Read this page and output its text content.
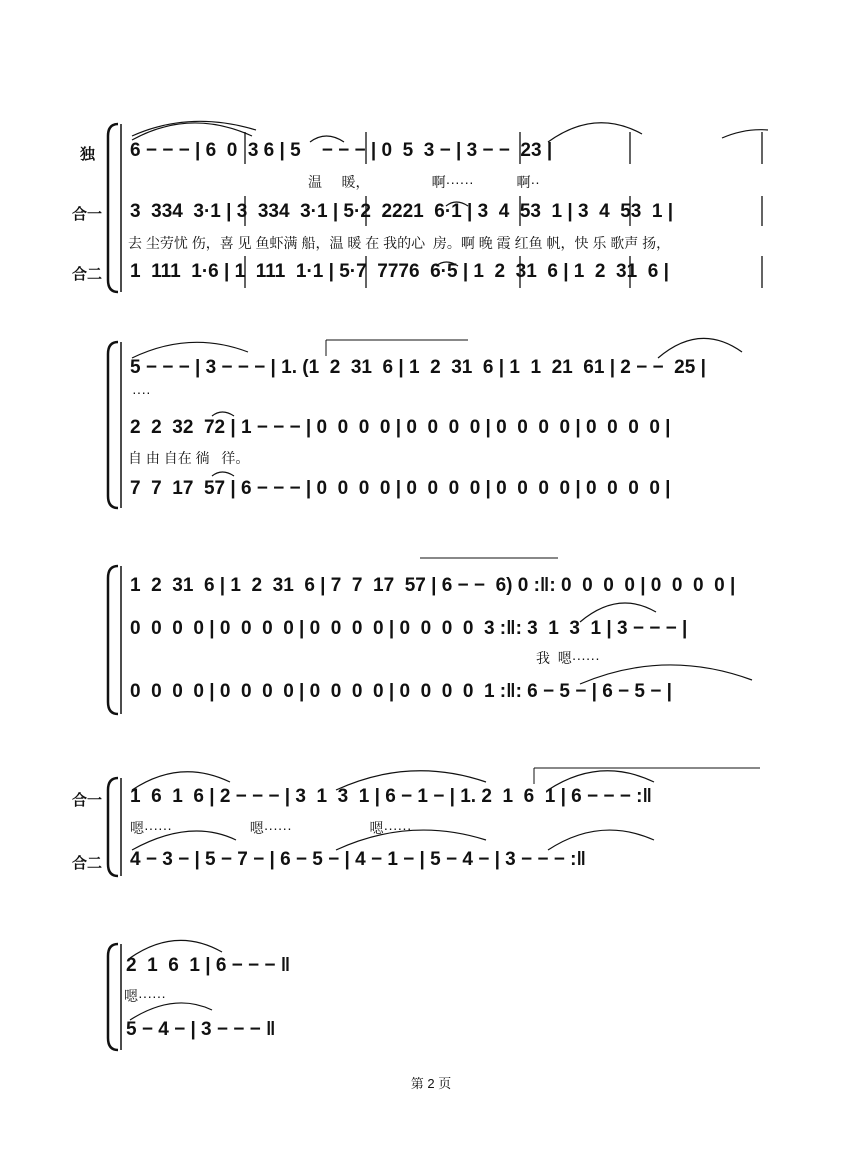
独 6 − − − | 6  0  3 6 | 5    − − − | 0  5  3 − | 3 − −  23 |
温     暖，                啊······           啊··
合一 3  334  3·1 | 3  334  3·1 | 5·2  2221  6·1 | 3  4  53  1 | 3  4  53  1 |
去 尘劳忧 伤，喜 见 鱼虾满 船，温 暖 在 我的心  房。啊 晚 霞 红鱼 帆，快 乐 歌声 扬，
合二 1  111  1·6 | 1  111  1·1 | 5·7  7776  6·5 | 1  2  31  6 | 1  2  31  6 |
5 − − − | 3 − − − | 1. (1  2  31  6 | 1  2  31  6 | 1  1  21  61 | 2 − −  25 |
····
2  2  32  72 | 1 − − − | 0  0  0  0 | 0  0  0  0 | 0  0  0  0 | 0  0  0  0 |
自 由 自在 徜   徉。
7  7  17  57 | 6 − − − | 0  0  0  0 | 0  0  0  0 | 0  0  0  0 | 0  0  0  0 |
1  2  31  6 | 1  2  31  6 | 7  7  17  57 | 6 − −  6) 0 :‖: 0  0  0  0 | 0  0  0  0 |
0  0  0  0 | 0  0  0  0 | 0  0  0  0 | 0  0  0  0  3 :‖: 3  1  3  1 | 3 − − − |
我  嗯······
0  0  0  0 | 0  0  0  0 | 0  0  0  0 | 0  0  0  0  1 :‖: 6 − 5 − | 6 − 5 − |
合一 1  6  1  6 | 2 − − − | 3  1  3  1 | 6 − 1 − | 1. 2  1  6  1 | 6 − − − :‖
嗯······                    嗯······                    嗯······
合二 4 − 3 − | 5 − 7 − | 6 − 5 − | 4 − 1 − | 5 − 4 − | 3 − − − :‖
2  1  6  1 | 6 − − − ‖
嗯······
5 − 4 − | 3 − − − ‖
第 2 页
